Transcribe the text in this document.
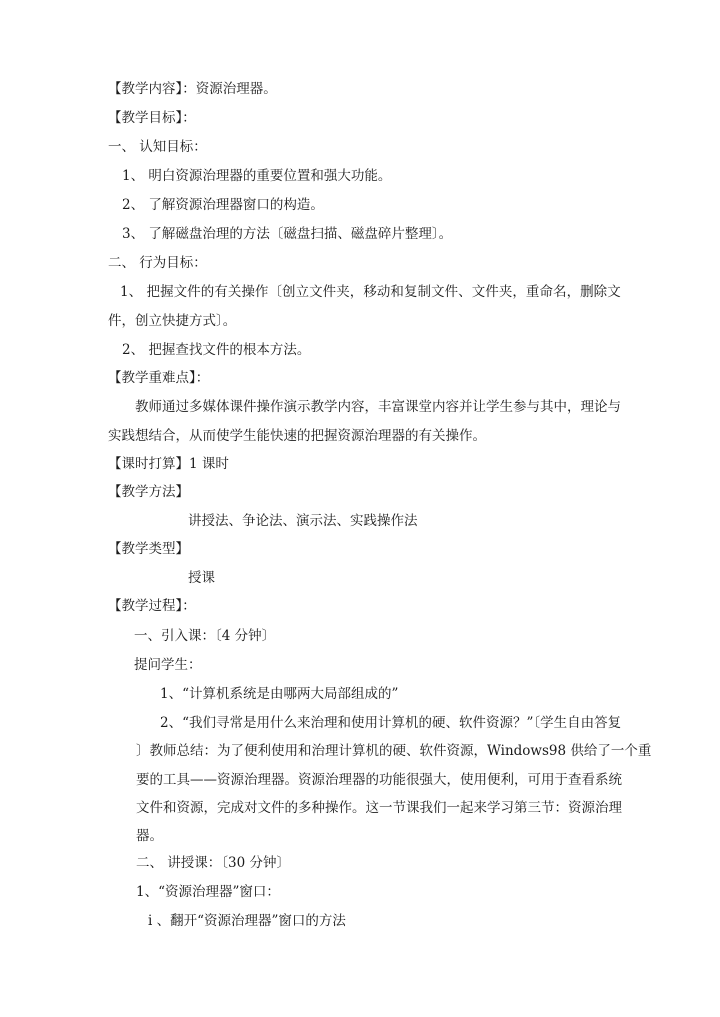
【教学内容】：资源治理器。
【教学目标】：
一、 认知目标：
1、 明白资源治理器的重要位置和强大功能。
2、 了解资源治理器窗口的构造。
3、 了解磁盘治理的方法〔磁盘扫描、磁盘碎片整理〕。
二、 行为目标：
1、 把握文件的有关操作〔创立文件夹，移动和复制文件、文件夹，重命名，删除文
件，创立快捷方式〕。
2、 把握查找文件的根本方法。
【教学重难点】：
教师通过多媒体课件操作演示教学内容，丰富课堂内容并让学生参与其中，理论与
实践想结合，从而使学生能快速的把握资源治理器的有关操作。
【课时打算】1 课时
【教学方法】
讲授法、争论法、演示法、实践操作法
【教学类型】
授课
【教学过程】：
一、引入课：〔4 分钟〕
提问学生：
1、“计算机系统是由哪两大局部组成的”
2、“我们寻常是用什么来治理和使用计算机的硬、软件资源？”〔学生自由答复
〕教师总结：为了便利使用和治理计算机的硬、软件资源，Windows98 供给了一个重
要的工具——资源治理器。资源治理器的功能很强大，使用便利，可用于查看系统
文件和资源，完成对文件的多种操作。这一节课我们一起来学习第三节：资源治理
器。
二、 讲授课：〔30 分钟〕
1、“资源治理器”窗口：
ⅰ 、翻开“资源治理器”窗口的方法
